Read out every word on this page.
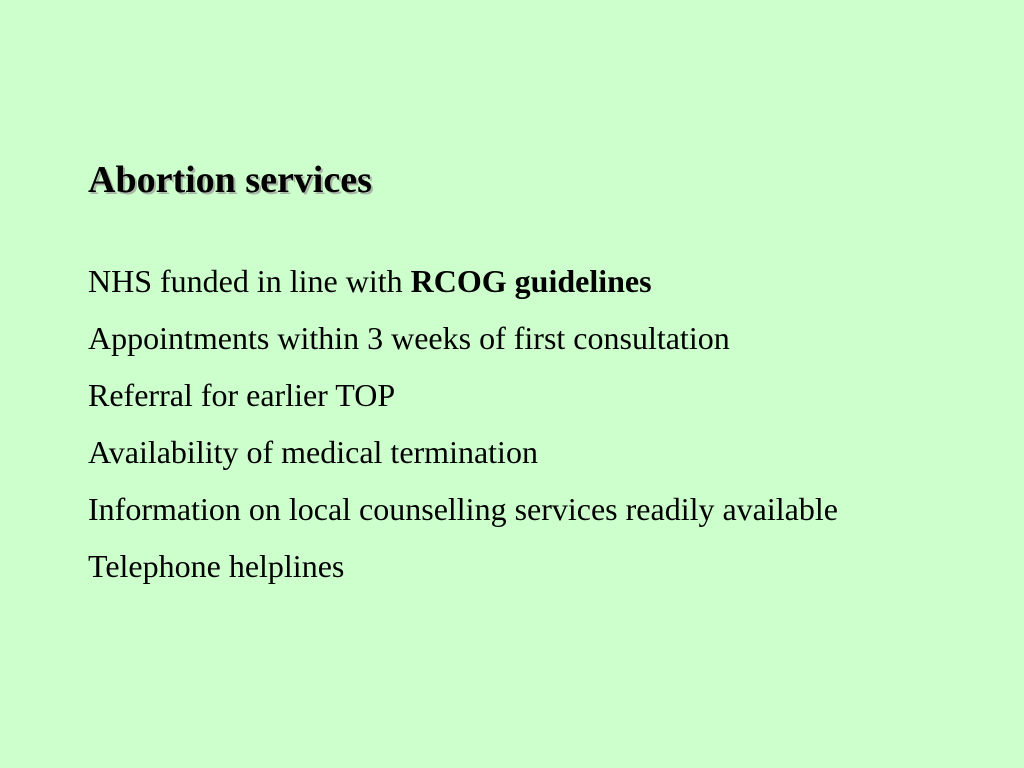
Abortion services
NHS funded in line with RCOG guidelines
Appointments within 3 weeks of first consultation
Referral for earlier TOP
Availability of medical termination
Information on local counselling services readily available
Telephone helplines
